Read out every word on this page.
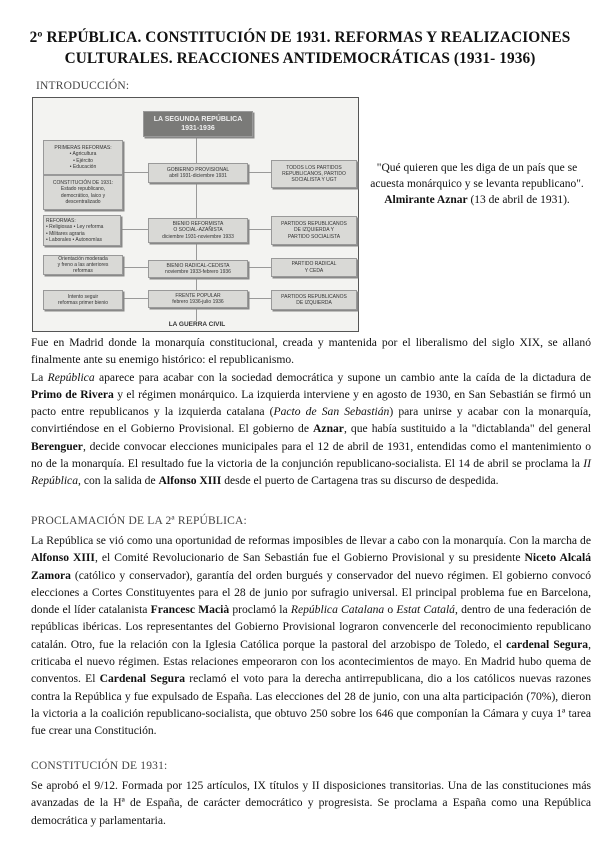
2º REPÚBLICA. CONSTITUCIÓN DE 1931. REFORMAS Y REALIZACIONES
CULTURALES. REACCIONES ANTIDEMOCRÁTICAS (1931- 1936)
INTRODUCCIÓN:
LA SEGUNDA REPÚBLICA
1931-1936
PRIMERAS REFORMAS:
• Agricultura
• Ejército
• Educación
CONSTITUCIÓN DE 1931:
Estado republicano,
democrático, laico y
descentralizado
REFORMAS:
• Religiosas • Ley reforma
• Militares agraria
• Laborales • Autonomías
Orientación moderada
y freno a las anteriores
reformas
Intento seguir
reformas primer bienio
GOBIERNO PROVISIONAL
abril 1931-diciembre 1931
BIENIO REFORMISTA
O SOCIAL-AZAÑISTA
diciembre 1931-noviembre 1933
BIENIO RADICAL-CEDISTA
noviembre 1933-febrero 1936
FRENTE POPULAR
febrero 1936-julio 1936
TODOS LOS PARTIDOS
REPUBLICANOS, PARTIDO
SOCIALISTA Y UGT
PARTIDOS REPUBLICANOS
DE IZQUIERDA Y
PARTIDO SOCIALISTA
PARTIDO RADICAL
Y CEDA
PARTIDOS REPUBLICANOS
DE IZQUIERDA
LA GUERRA CIVIL
"Qué quieren que les diga de un país que se acuesta monárquico y se levanta republicano".
Almirante Aznar (13 de abril de 1931).
Fue en Madrid donde la monarquía constitucional, creada y mantenida por el liberalismo del siglo XIX, se allanó finalmente ante su enemigo histórico: el republicanismo.
La República aparece para acabar con la sociedad democrática y supone un cambio ante la caída de la dictadura de Primo de Rivera y el régimen monárquico. La izquierda interviene y en agosto de 1930, en San Sebastián se firmó un pacto entre republicanos y la izquierda catalana (Pacto de San Sebastián) para unirse y acabar con la monarquía, convirtiéndose en el Gobierno Provisional. El gobierno de Aznar, que había sustituido a la "dictablanda" del general Berenguer, decide convocar elecciones municipales para el 12 de abril de 1931, entendidas como el mantenimiento o no de la monarquía. El resultado fue la victoria de la conjunción republicano-socialista. El 14 de abril se proclama la II República, con la salida de Alfonso XIII desde el puerto de Cartagena tras su discurso de despedida.
PROCLAMACIÓN DE LA 2ª REPÚBLICA:
La República se vió como una oportunidad de reformas imposibles de llevar a cabo con la monarquía. Con la marcha de Alfonso XIII, el Comité Revolucionario de San Sebastián fue el Gobierno Provisional y su presidente Niceto Alcalá Zamora (católico y conservador), garantía del orden burgués y conservador del nuevo régimen. El gobierno convocó elecciones a Cortes Constituyentes para el 28 de junio por sufragio universal. El principal problema fue en Barcelona, donde el líder catalanista Francesc Macià proclamó la República Catalana o Estat Catalá, dentro de una federación de repúblicas ibéricas. Los representantes del Gobierno Provisional lograron convencerle del reconocimiento republicano catalán. Otro, fue la relación con la Iglesia Católica porque la pastoral del arzobispo de Toledo, el cardenal Segura, criticaba el nuevo régimen. Estas relaciones empeoraron con los acontecimientos de mayo. En Madrid hubo quema de conventos. El Cardenal Segura reclamó el voto para la derecha antirrepublicana, dio a los católicos nuevas razones contra la República y fue expulsado de España. Las elecciones del 28 de junio, con una alta participación (70%), dieron la victoria a la coalición republicano-socialista, que obtuvo 250 sobre los 646 que componían la Cámara y cuya 1ª tarea fue crear una Constitución.
CONSTITUCIÓN DE 1931:
Se aprobó el 9/12. Formada por 125 artículos, IX títulos y II disposiciones transitorias. Una de las constituciones más avanzadas de la Hª de España, de carácter democrático y progresista. Se proclama a España como una República democrática y parlamentaria.
